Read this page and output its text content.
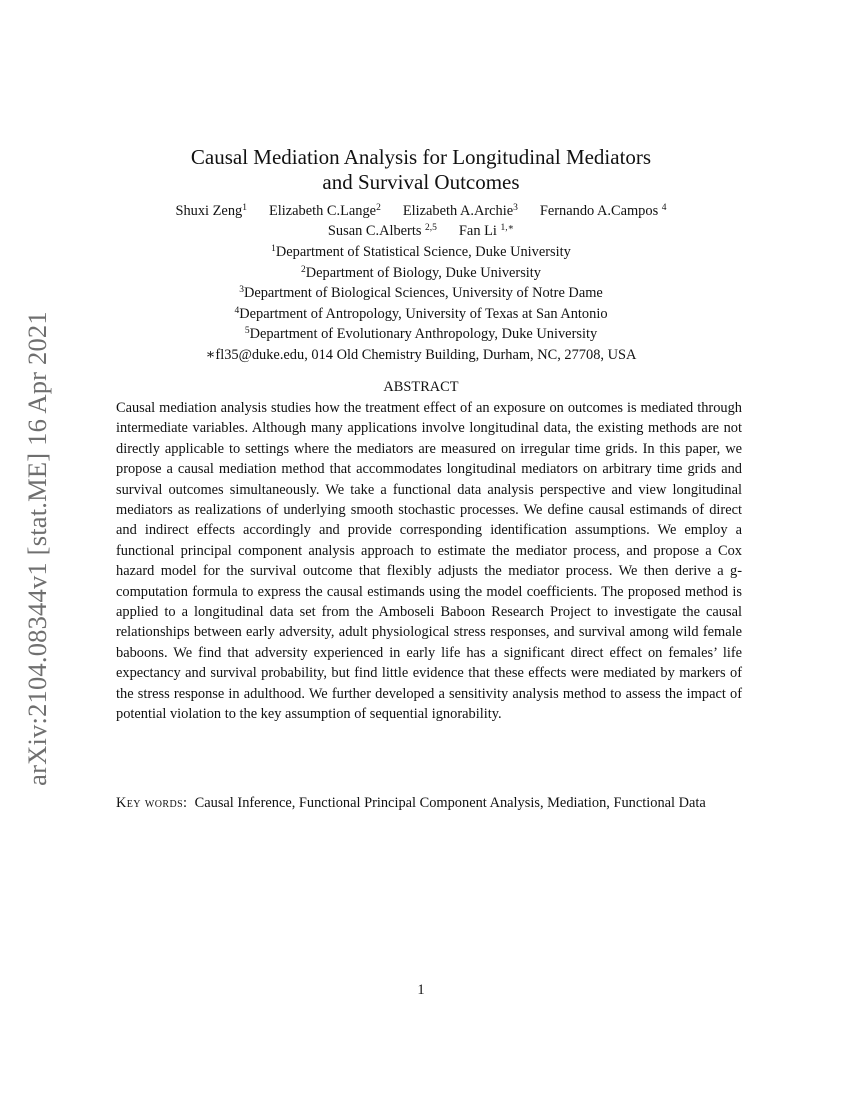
arXiv:2104.08344v1 [stat.ME] 16 Apr 2021
Causal Mediation Analysis for Longitudinal Mediators
and Survival Outcomes
Shuxi Zeng$^1$ Elizabeth C.Lange$^2$ Elizabeth A.Archie$^3$ Fernando A.Campos $^4$
Susan C.Alberts $^{2,5}$ Fan Li $^{1,∗}$
$^1$Department of Statistical Science, Duke University
$^2$Department of Biology, Duke University
$^3$Department of Biological Sciences, University of Notre Dame
$^4$Department of Antropology, University of Texas at San Antonio
$^5$Department of Evolutionary Anthropology, Duke University
∗fl35@duke.edu, 014 Old Chemistry Building, Durham, NC, 27708, USA
ABSTRACT

Causal mediation analysis studies how the treatment effect of an exposure on outcomes is mediated through intermediate variables. Although many applications involve longitudinal data, the existing methods are not directly applicable to settings where the mediators are measured on irregular time grids. In this paper, we propose a causal mediation method that accommodates longitudinal mediators on arbitrary time grids and survival outcomes simultaneously. We take a functional data analysis perspective and view longitudinal mediators as realizations of underlying smooth stochastic processes. We define causal estimands of direct and indirect effects accordingly and provide corresponding identification assumptions. We employ a functional principal component analysis approach to estimate the mediator process, and propose a Cox hazard model for the survival outcome that flexibly adjusts the mediator process. We then derive a g-computation formula to express the causal estimands using the model coefficients. The proposed method is applied to a longitudinal data set from the Amboseli Baboon Research Project to investigate the causal relationships between early adversity, adult physiological stress responses, and survival among wild female baboons. We find that adversity experienced in early life has a significant direct effect on females’ life expectancy and survival probability, but find little evidence that these effects were mediated by markers of the stress response in adulthood. We further developed a sensitivity analysis method to assess the impact of potential violation to the key assumption of sequential ignorability.

Key words: Causal Inference, Functional Principal Component Analysis, Mediation, Functional Data
1
